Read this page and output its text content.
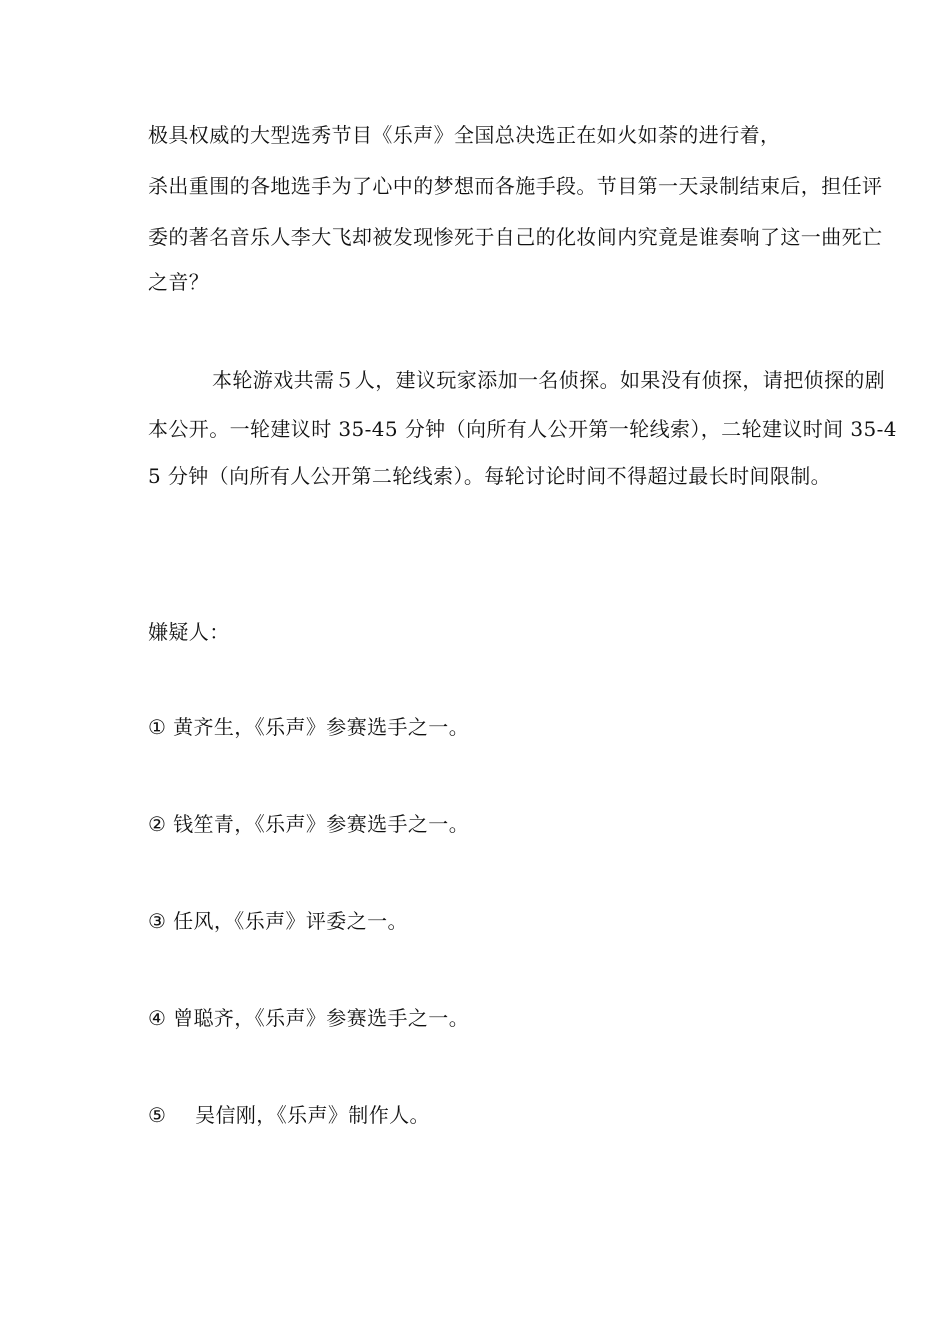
极具权威的大型选秀节目《乐声》全国总决选正在如火如荼的进行着，
杀出重围的各地选手为了心中的梦想而各施手段。节目第一天录制结束后，担任评
委的著名音乐人李大飞却被发现惨死于自己的化妆间内究竟是谁奏响了这一曲死亡
之音？
本轮游戏共需５人，建议玩家添加一名侦探。如果没有侦探，请把侦探的剧
本公开。一轮建议时 35-45 分钟（向所有人公开第一轮线索），二轮建议时间 35-4
5 分钟（向所有人公开第二轮线索）。每轮讨论时间不得超过最长时间限制。
嫌疑人：
① 黄齐生，《乐声》参赛选手之一。
② 钱笙青，《乐声》参赛选手之一。
③ 任风，《乐声》评委之一。
④ 曾聪齐，《乐声》参赛选手之一。
⑤ 吴信刚，《乐声》制作人。
